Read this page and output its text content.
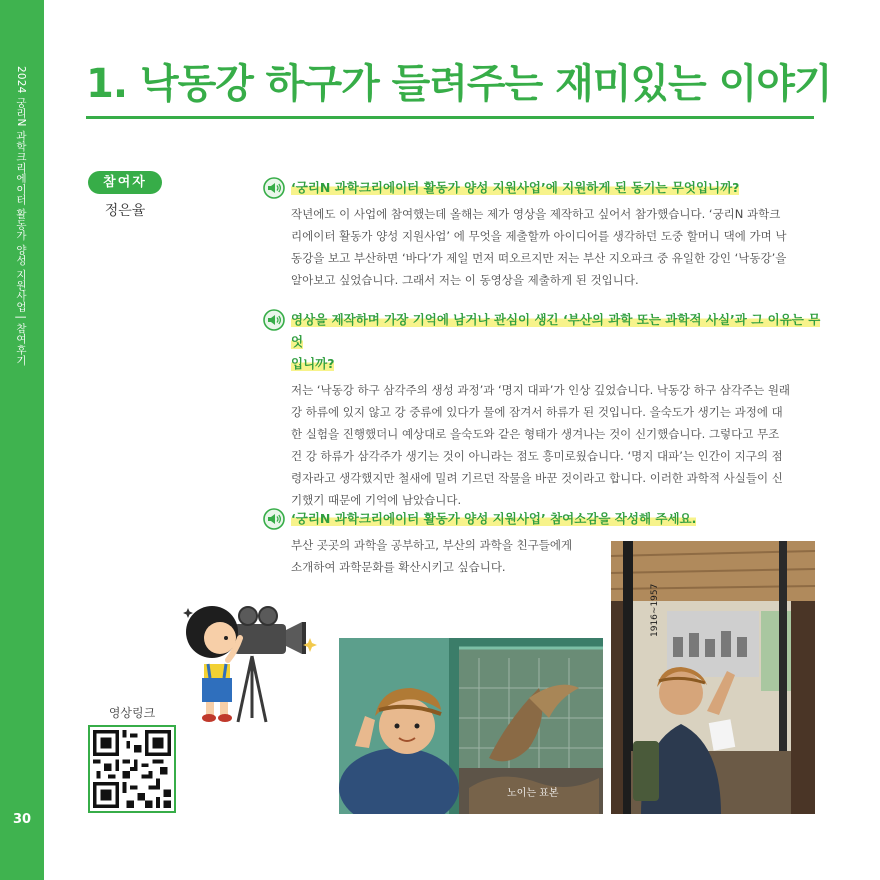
2024 궁리N 과학크리에이터 활동가 양성 지원사업 | 참여후기
30
1. 낙동강 하구가 들려주는 재미있는 이야기
참여자
정은율
‘궁리N 과학크리에이터 활동가 양성 지원사업’에 지원하게 된 동기는 무엇입니까?
작년에도 이 사업에 참여했는데 올해는 제가 영상을 제작하고 싶어서 참가했습니다. ‘궁리N 과학크
리에이터 활동가 양성 지원사업’ 에 무엇을 제출할까 아이디어를 생각하던 도중 할머니 댁에 가며 낙
동강을 보고 부산하면 ‘바다’가 제일 먼저 떠오르지만 저는 부산 지오파크 중 유일한 강인 ‘낙동강’을
알아보고 싶었습니다. 그래서 저는 이 동영상을 제출하게 된 것입니다.
영상을 제작하며 가장 기억에 남거나 관심이 생긴 ‘부산의 과학 또는 과학적 사실’과 그 이유는 무엇
입니까?
저는 ‘낙동강 하구 삼각주의 생성 과정’과 ‘명지 대파’가 인상 깊었습니다. 낙동강 하구 삼각주는 원래
강 하류에 있지 않고 강 중류에 있다가 물에 잠겨서 하류가 된 것입니다. 을숙도가 생기는 과정에 대
한 실험을 진행했더니 예상대로 을숙도와 같은 형태가 생겨나는 것이 신기했습니다. 그렇다고 무조
건 강 하류가 삼각주가 생기는 것이 아니라는 점도 흥미로웠습니다. ‘명지 대파’는 인간이 지구의 점
령자라고 생각했지만 철새에 밀려 기르던 작물을 바꾼 것이라고 합니다. 이러한 과학적 사실들이 신
기했기 때문에 기억에 남았습니다.
‘궁리N 과학크리에이터 활동가 양성 지원사업’ 참여소감을 작성해 주세요.
부산 곳곳의 과학을 공부하고, 부산의 과학을 친구들에게
소개하여 과학문화를 확산시키고 싶습니다.
영상링크
노이는 표본
1916~1957
